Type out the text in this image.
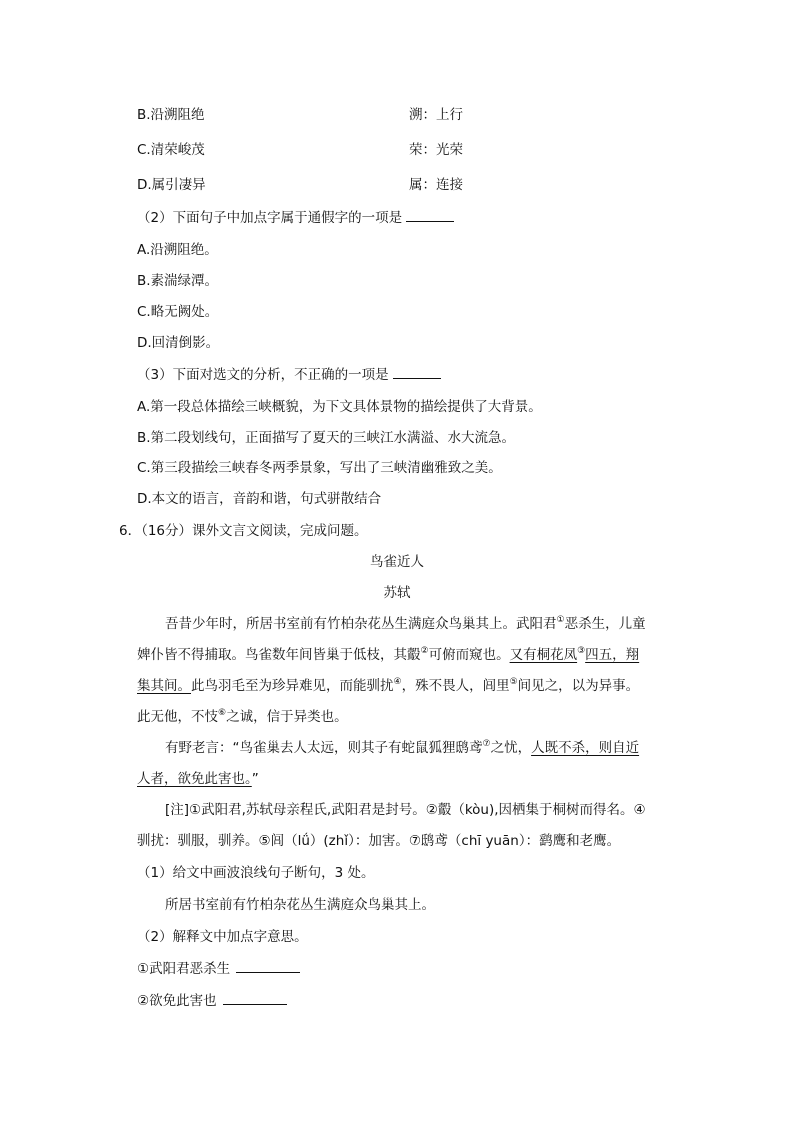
B.沿溯阻绝	溯：上行
C.清荣峻茂	荣：光荣
D.属引凄异	属：连接
（2）下面句子中加点字属于通假字的一项是
A.沿溯阻绝。
B.素湍绿潭。
C.略无阙处。
D.回清倒影。
（3）下面对选文的分析，不正确的一项是
A.第一段总体描绘三峡概貌，为下文具体景物的描绘提供了大背景。
B.第二段划线句，正面描写了夏天的三峡江水满溢、水大流急。
C.第三段描绘三峡春冬两季景象，写出了三峡清幽雅致之美。
D.本文的语言，音韵和谐，句式骈散结合
6．（16分）课外文言文阅读，完成问题。
鸟雀近人
苏轼
吾昔少年时，所居书室前有竹柏杂花丛生满庭众鸟巢其上。武阳君①恶杀生，儿童
婢仆皆不得捕取。鸟雀数年间皆巢于低枝，其鷇②可俯而窥也。又有桐花凤③四五，翔
集其间。此鸟羽毛至为珍异难见，而能驯扰④，殊不畏人，闾里⑤间见之，以为异事。
此无他，不忮⑥之诚，信于异类也。
有野老言：“鸟雀巢去人太远，则其子有蛇鼠狐狸鸱鸢⑦之忧，人既不杀，则自近
人者，欲免此害也。”
[注]①武阳君,苏轼母亲程氏,武阳君是封号。②鷇（kòu),因栖集于桐树而得名。④
驯扰：驯服，驯养。⑤闾（lǘ）(zhǐ）：加害。⑦鸱鸢（chī yuān）：鹞鹰和老鹰。
（1）给文中画波浪线句子断句，3 处。
所居书室前有竹柏杂花丛生满庭众鸟巢其上。
（2）解释文中加点字意思。
①武阳君恶杀生
②欲免此害也
